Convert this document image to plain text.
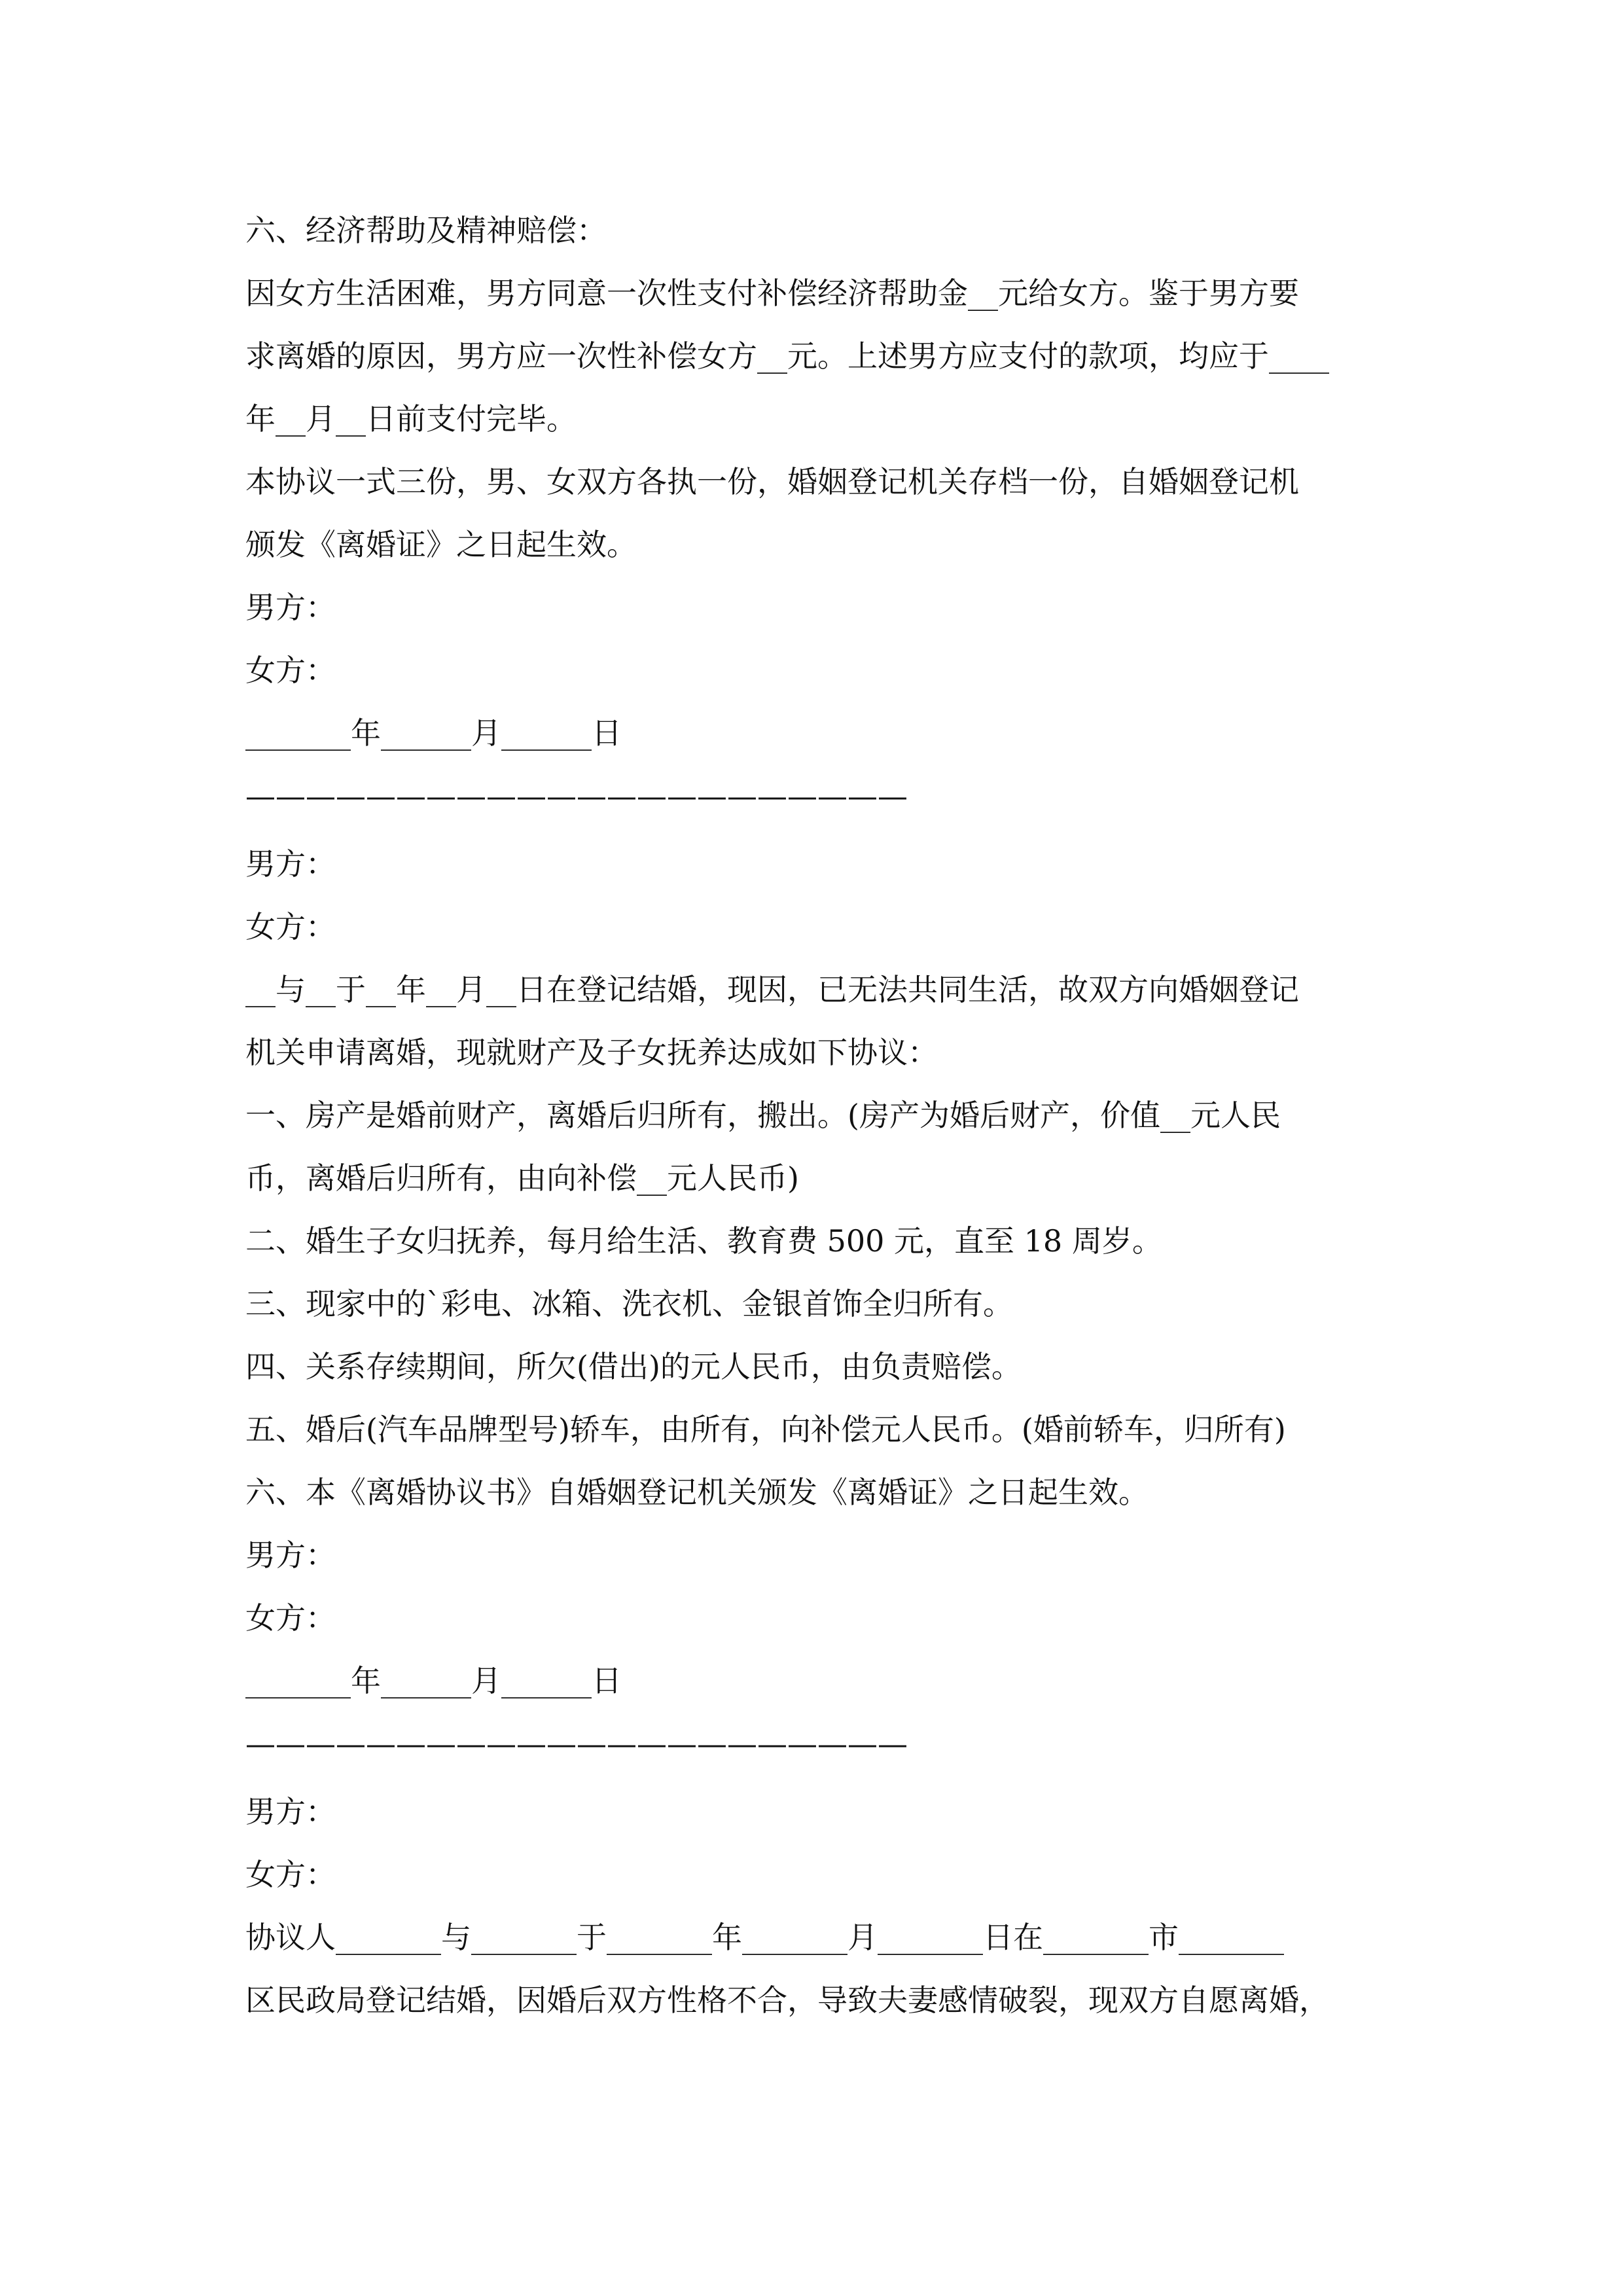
六、经济帮助及精神赔偿：
因女方生活困难，男方同意一次性支付补偿经济帮助金__元给女方。鉴于男方要
求离婚的原因，男方应一次性补偿女方__元。上述男方应支付的款项，均应于____
年__月__日前支付完毕。
本协议一式三份，男、女双方各执一份，婚姻登记机关存档一份，自婚姻登记机
颁发《离婚证》之日起生效。
男方：
女方：
_______年______月______日
——————————————————————
男方：
女方：
__与__于__年__月__日在登记结婚，现因，已无法共同生活，故双方向婚姻登记
机关申请离婚，现就财产及子女抚养达成如下协议：
一、房产是婚前财产，离婚后归所有，搬出。(房产为婚后财产，价值__元人民
币，离婚后归所有，由向补偿__元人民币)
二、婚生子女归抚养，每月给生活、教育费 500 元，直至 18 周岁。
三、现家中的`彩电、冰箱、洗衣机、金银首饰全归所有。
四、关系存续期间，所欠(借出)的元人民币，由负责赔偿。
五、婚后(汽车品牌型号)轿车，由所有，向补偿元人民币。(婚前轿车，归所有)
六、本《离婚协议书》自婚姻登记机关颁发《离婚证》之日起生效。
男方：
女方：
_______年______月______日
——————————————————————
男方：
女方：
协议人_______与_______于_______年_______月_______日在_______市_______
区民政局登记结婚，因婚后双方性格不合，导致夫妻感情破裂，现双方自愿离婚，
